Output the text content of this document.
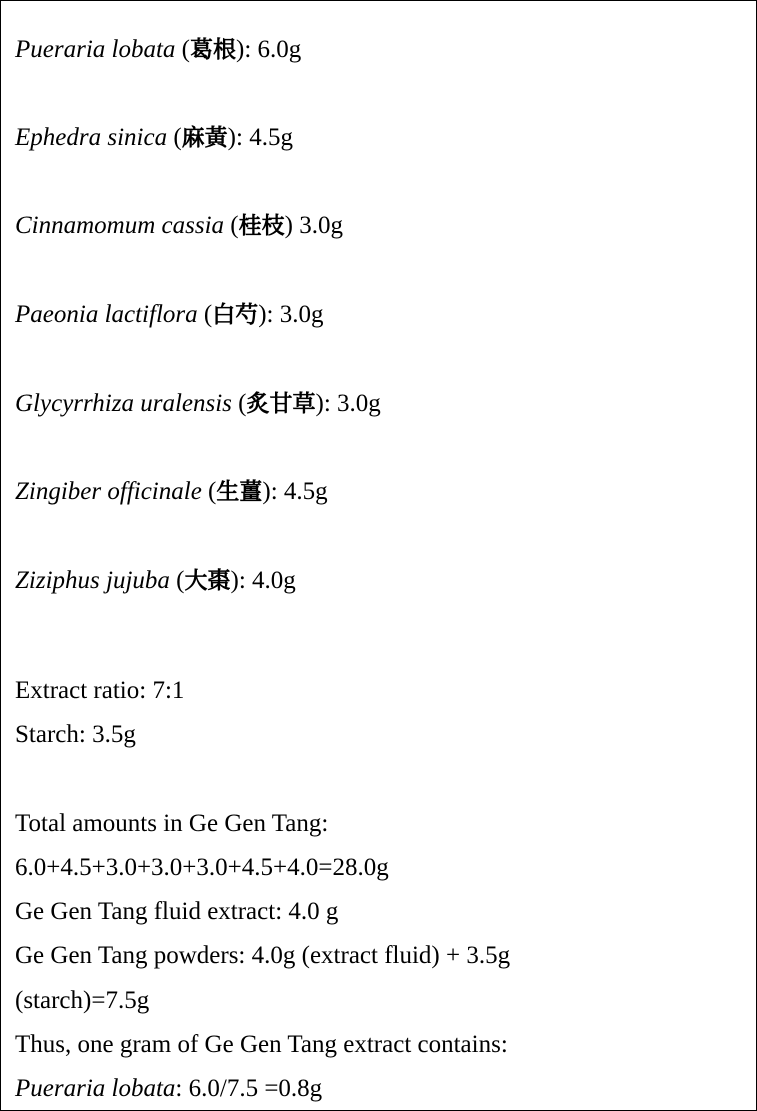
Pueraria lobata (葛根): 6.0g
Ephedra sinica (麻黃): 4.5g
Cinnamomum cassia (桂枝) 3.0g
Paeonia lactiflora (白芍): 3.0g
Glycyrrhiza uralensis (炙甘草): 3.0g
Zingiber officinale (生薑): 4.5g
Ziziphus jujuba (大棗): 4.0g
Extract ratio: 7:1
Starch: 3.5g
Total amounts in Ge Gen Tang:
6.0+4.5+3.0+3.0+3.0+4.5+4.0=28.0g
Ge Gen Tang fluid extract: 4.0 g
Ge Gen Tang powders: 4.0g (extract fluid) + 3.5g
(starch)=7.5g
Thus, one gram of Ge Gen Tang extract contains:
Pueraria lobata: 6.0/7.5 =0.8g
